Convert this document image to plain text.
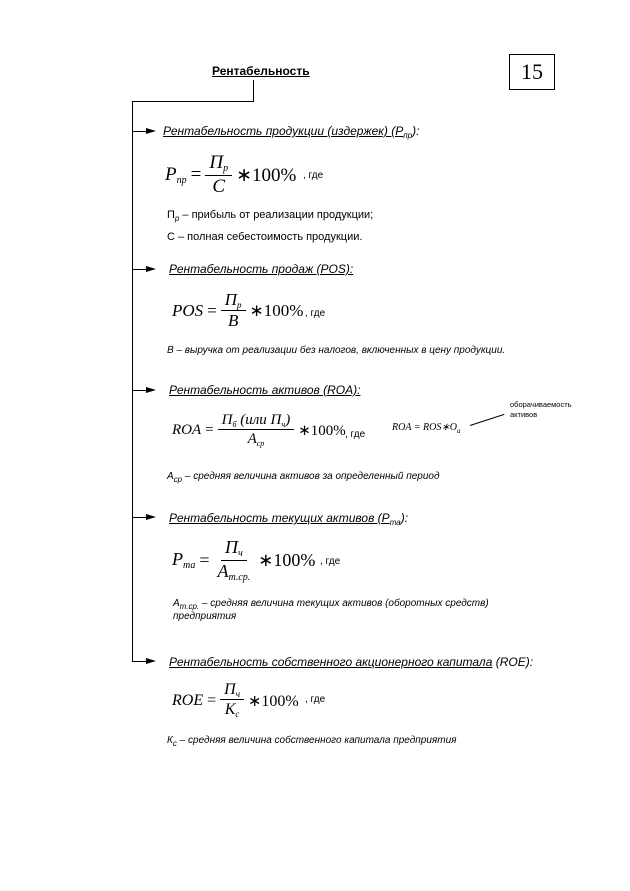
Рентабельность	15
Рентабельность продукции (издержек) $(Р_{пр})$:
$Р_{пр} = \frac{П_р}{С}$ ∗100% , где
$П_р$ – прибыль от реализации продукции;
С – полная себестоимость продукции.
Рентабельность продаж (POS):
POS = $\frac{П_р}{В}$ ∗100% , где
В – выручка от реализации без налогов, включенных в цену продукции.
Рентабельность активов (ROA):
ROA = $\frac{П_б (или П_ч)}{А_{ср}}$ ∗100% , где
ROA = $ROS∗О_а$
оборачиваемость активов
$А_{ср}$ – средняя величина активов за определенный период
Рентабельность текущих активов $(Р_{та})$:
$Р_{та} = \frac{П_ч}{А_{т.ср.}}$ ∗100% , где
$А_{т.ср.}$ – средняя величина текущих активов (оборотных средств)
предприятия
Рентабельность собственного акционерного капитала (ROE):
ROE = $\frac{П_ч}{К_с}$ ∗100% , где
$К_с$ – средняя величина собственного капитала предприятия
